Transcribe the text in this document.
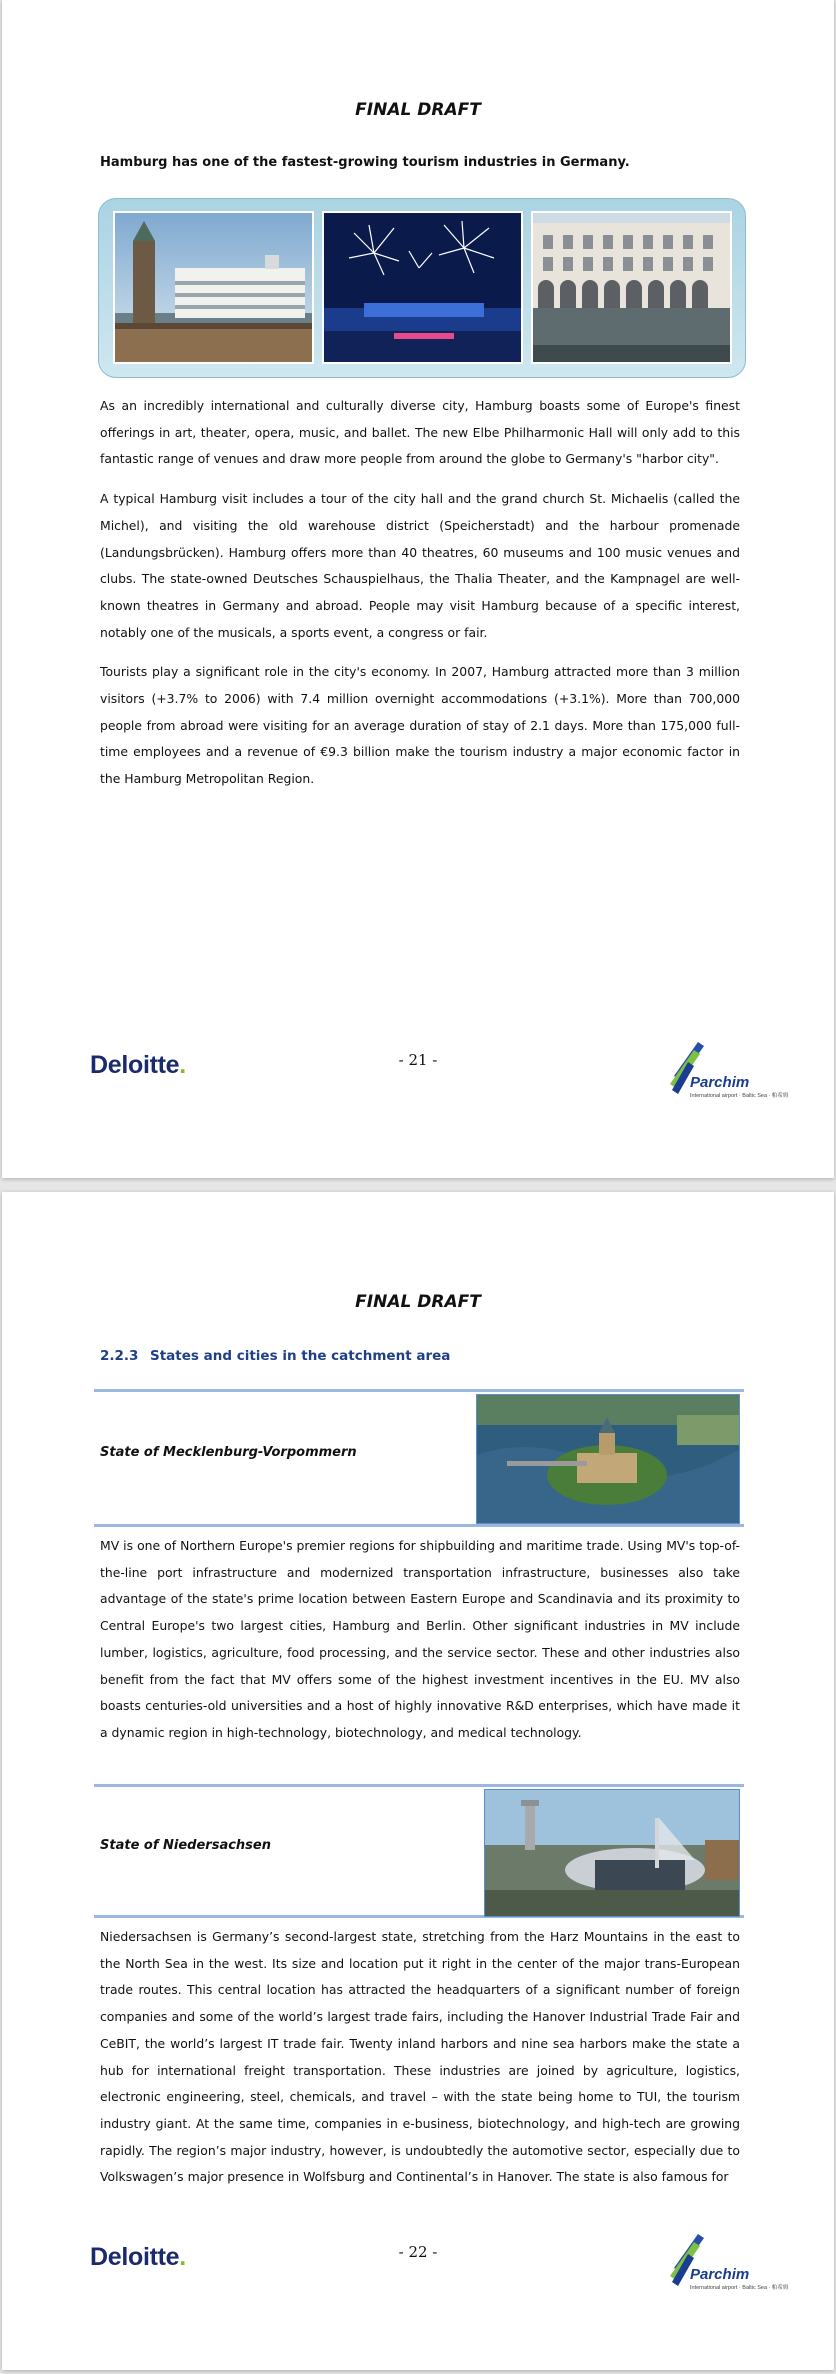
FINAL DRAFT
Hamburg has one of the fastest-growing tourism industries in Germany.

As an incredibly international and culturally diverse city, Hamburg boasts some of Europe's finest offerings in art, theater, opera, music, and ballet. The new Elbe Philharmonic Hall will only add to this fantastic range of venues and draw more people from around the globe to Germany's "harbor city".

A typical Hamburg visit includes a tour of the city hall and the grand church St. Michaelis (called the Michel), and visiting the old warehouse district (Speicherstadt) and the harbour promenade (Landungsbrücken). Hamburg offers more than 40 theatres, 60 museums and 100 music venues and clubs. The state-owned Deutsches Schauspielhaus, the Thalia Theater, and the Kampnagel are well-known theatres in Germany and abroad. People may visit Hamburg because of a specific interest, notably one of the musicals, a sports event, a congress or fair.

Tourists play a significant role in the city's economy. In 2007, Hamburg attracted more than 3 million visitors (+3.7% to 2006) with 7.4 million overnight accommodations (+3.1%). More than 700,000 people from abroad were visiting for an average duration of stay of 2.1 days. More than 175,000 full-time employees and a revenue of €9.3 billion make the tourism industry a major economic factor in the Hamburg Metropolitan Region.

Deloitte.	- 21 -
Parchim
International airport · Baltic Sea · 帕希姆
FINAL DRAFT
2.2.3 States and cities in the catchment area
State of Mecklenburg-Vorpommern

MV is one of Northern Europe's premier regions for shipbuilding and maritime trade. Using MV's top-of-the-line port infrastructure and modernized transportation infrastructure, businesses also take advantage of the state's prime location between Eastern Europe and Scandinavia and its proximity to Central Europe's two largest cities, Hamburg and Berlin. Other significant industries in MV include lumber, logistics, agriculture, food processing, and the service sector. These and other industries also benefit from the fact that MV offers some of the highest investment incentives in the EU. MV also boasts centuries-old universities and a host of highly innovative R&D enterprises, which have made it a dynamic region in high-technology, biotechnology, and medical technology.

State of Niedersachsen

Niedersachsen is Germany’s second-largest state, stretching from the Harz Mountains in the east to the North Sea in the west. Its size and location put it right in the center of the major trans-European trade routes. This central location has attracted the headquarters of a significant number of foreign companies and some of the world’s largest trade fairs, including the Hanover Industrial Trade Fair and CeBIT, the world’s largest IT trade fair. Twenty inland harbors and nine sea harbors make the state a hub for international freight transportation. These industries are joined by agriculture, logistics, electronic engineering, steel, chemicals, and travel – with the state being home to TUI, the tourism industry giant. At the same time, companies in e-business, biotechnology, and high-tech are growing rapidly. The region’s major industry, however, is undoubtedly the automotive sector, especially due to Volkswagen’s major presence in Wolfsburg and Continental’s in Hanover. The state is also famous for

Deloitte.	- 22 -
Parchim
International airport · Baltic Sea · 帕希姆
